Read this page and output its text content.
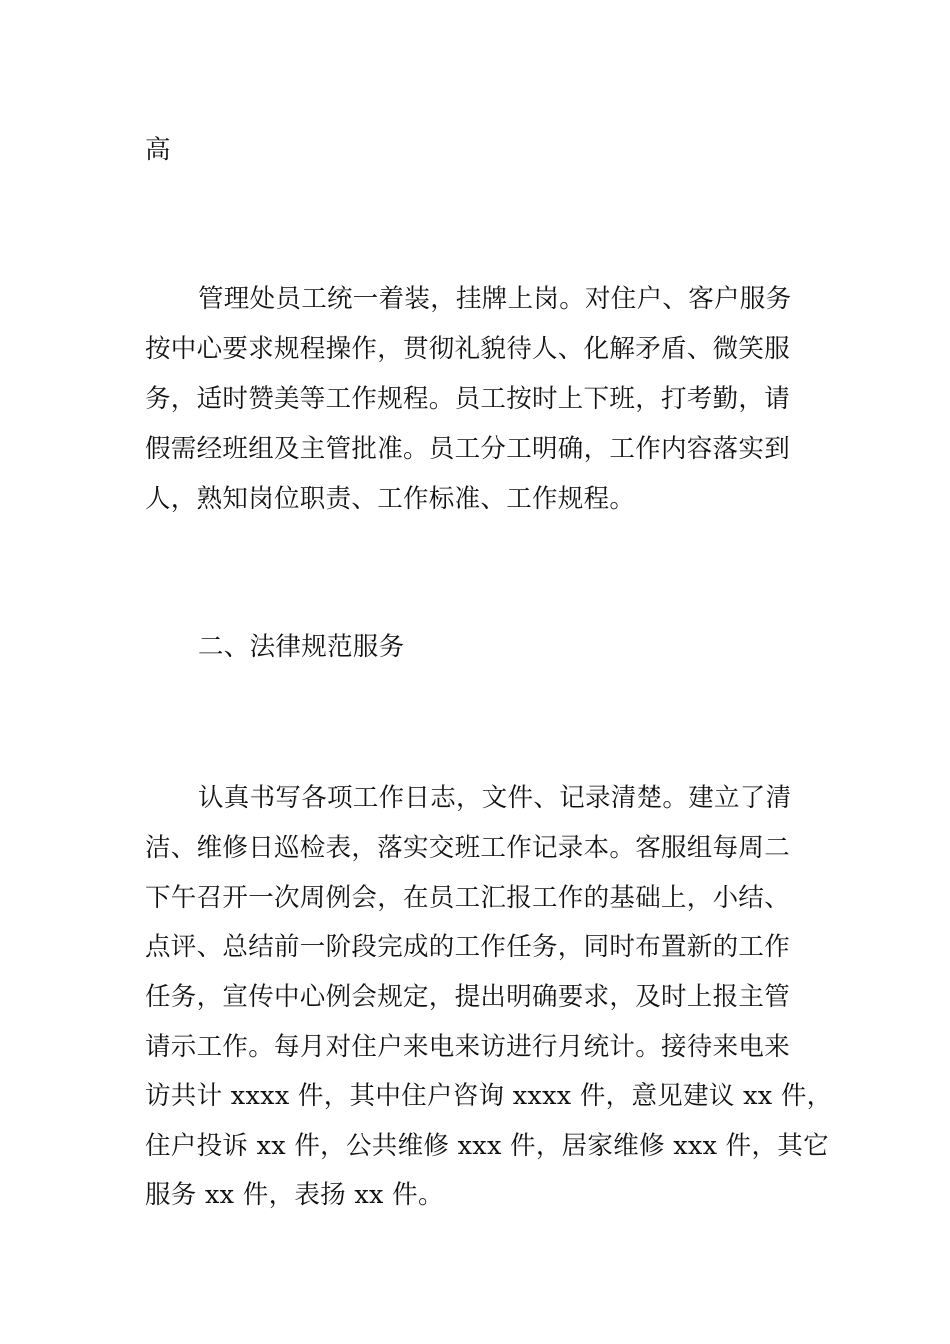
高

管理处员工统一着装，挂牌上岗。对住户、客户服务

按中心要求规程操作，贯彻礼貌待人、化解矛盾、微笑服

务，适时赞美等工作规程。员工按时上下班，打考勤，请

假需经班组及主管批准。员工分工明确，工作内容落实到

人，熟知岗位职责、工作标准、工作规程。

二、法律规范服务

认真书写各项工作日志，文件、记录清楚。建立了清

洁、维修日巡检表，落实交班工作记录本。客服组每周二

下午召开一次周例会，在员工汇报工作的基础上，小结、

点评、总结前一阶段完成的工作任务，同时布置新的工作

任务，宣传中心例会规定，提出明确要求，及时上报主管

请示工作。每月对住户来电来访进行月统计。接待来电来

访共计 xxxx 件，其中住户咨询 xxxx 件，意见建议 xx 件，

住户投诉 xx 件，公共维修 xxx 件，居家维修 xxx 件，其它

服务 xx 件，表扬 xx 件。
